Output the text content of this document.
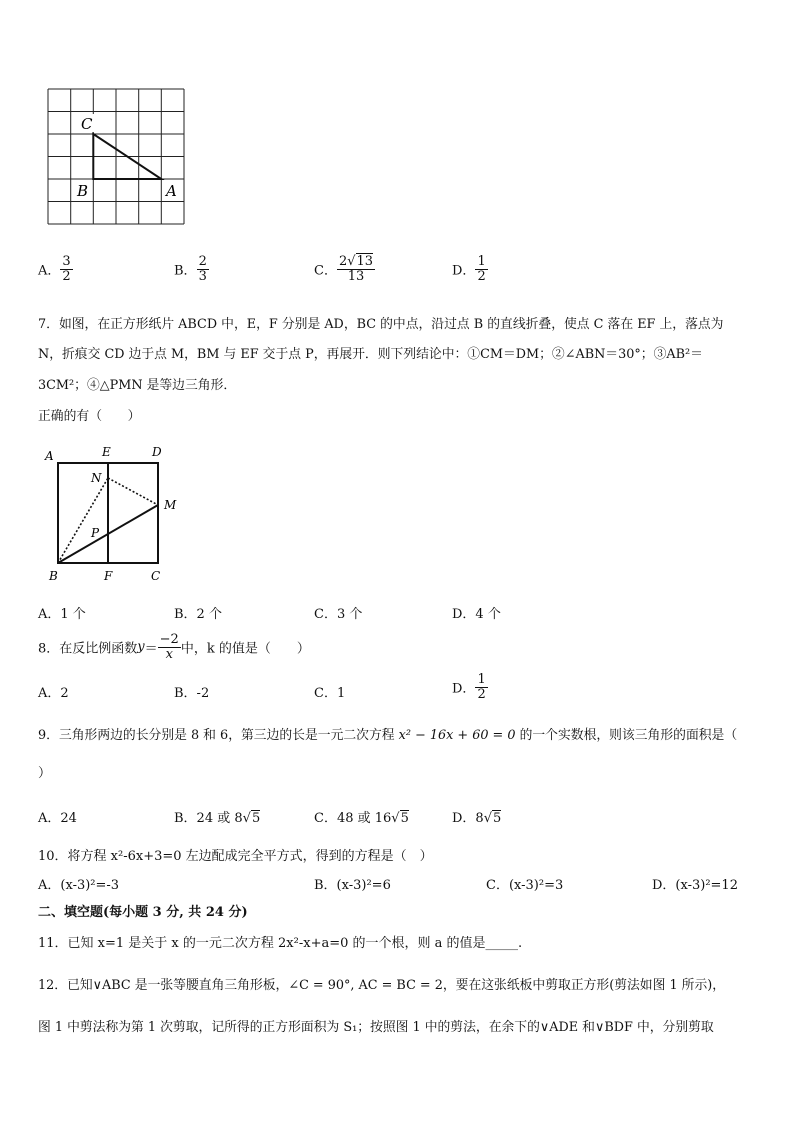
C
B	A
A． $\frac{3}{2}$	B． $\frac{2}{3}$	C． $\frac{2√13}{13}$	D． $\frac{1}{2}$
7．如图，在正方形纸片 ABCD 中，E，F 分别是 AD，BC 的中点，沿过点 B 的直线折叠，使点 C 落在 EF 上，落点为
N，折痕交 CD 边于点 M，BM 与 EF 交于点 P，再展开．则下列结论中：①CM＝DM；②∠ABN＝30°；③AB²＝
3CM²；④△PMN 是等边三角形．
正确的有（　　）
A	E	D
N
M
P
B	F	C
A．1 个	B．2 个	C．3 个	D．4 个
8．在反比例函数$y= \frac{-2}{x}$ 中，k 的值是（　　）
A．2	B．-2	C．1	D． $\frac{1}{2}$
9．三角形两边的长分别是 8 和 6，第三边的长是一元二次方程 x² − 16x + 60 = 0 的一个实数根，则该三角形的面积是（
）
A．24	B．24 或 8√5	C．48 或 16√5	D．8√5
10．将方程 x²-6x+3=0 左边配成完全平方式，得到的方程是（　）
A．(x-3)²=-3	B．(x-3)²=6	C．(x-3)²=3	D．(x-3)²=12
二、填空题(每小题 3 分, 共 24 分)
11．已知 x=1 是关于 x 的一元二次方程 2x²-x+a=0 的一个根，则 a 的值是_____.
12．已知∨ABC 是一张等腰直角三角形板，∠C = 90°, AC = BC = 2，要在这张纸板中剪取正方形(剪法如图 1 所示)，
图 1 中剪法称为第 1 次剪取，记所得的正方形面积为 S₁；按照图 1 中的剪法，在余下的∨ADE 和∨BDF 中，分别剪取
